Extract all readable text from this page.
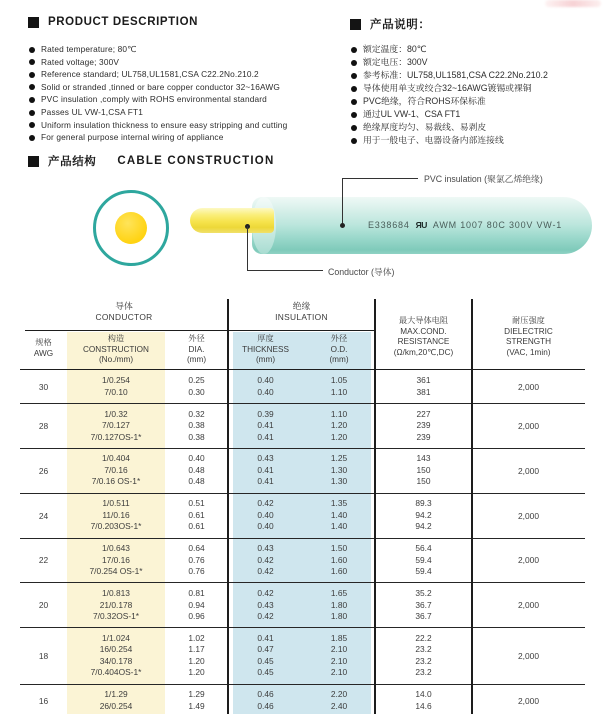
PRODUCT DESCRIPTION
Rated temperature; 80℃
Rated voltage; 300V
Reference standard; UL758,UL1581,CSA C22.2No.210.2
Solid or stranded ,tinned or bare copper conductor 32~16AWG
PVC insulation ,comply with ROHS environmental standard
Passes UL VW-1,CSA FT1
Uniform insulation thickness to ensure easy stripping and cutting
For general purpose internal wiring of appliance
产品说明：
额定温度：80℃
额定电压：300V
参考标准：UL758,UL1581,CSA C22.2No.210.2
导体使用单支或绞合32~16AWG镀锡或裸铜
PVC绝缘，符合ROHS环保标准
通过UL VW-1、CSA FT1
绝缘厚度均匀、易裁线、易剥皮
用于一般电子、电器设备内部连接线
产品结构 CABLE CONSTRUCTION
E338684 ЯU AWM 1007 80C 300V VW-1
PVC insulation (聚氯乙烯绝缘)
Conductor (导体)
导体
CONDUCTOR
绝缘
INSULATION
规格
AWG
构造
CONSTRUCTION
(No./mm)
外径
DIA.
(mm)
厚度
THICKNESS
(mm)
外径
O.D.
(mm)
最大导体电阻
MAX.COND.
RESISTANCE
(Ω/km,20℃,DC)
耐压强度
DIELECTRIC
STRENGTH
(VAC, 1min)
30
1/0.254
7/0.10
0.25
0.30
0.40
0.40
1.05
1.10
361
381	2,000
28
1/0.32
7/0.127
7/0.127OS-1*
0.32
0.38
0.38
0.39
0.41
0.41
1.10
1.20
1.20
227
239
239
2,000
26
1/0.404
7/0.16
7/0.16 OS-1*
0.40
0.48
0.48
0.43
0.41
0.41
1.25
1.30
1.30
143
150
150
2,000
24
1/0.511
11/0.16
7/0.203OS-1*
0.51
0.61
0.61
0.42
0.40
0.40
1.35
1.40
1.40
89.3
94.2
94.2
2,000
22
1/0.643
17/0.16
7/0.254 OS-1*
0.64
0.76
0.76
0.43
0.42
0.42
1.50
1.60
1.60
56.4
59.4
59.4
2,000
20
1/0.813
21/0.178
7/0.32OS-1*
0.81
0.94
0.96
0.42
0.43
0.42
1.65
1.80
1.80
35.2
36.7
36.7
2,000
18
1/1.024
16/0.254
34/0.178
7/0.404OS-1*
1.02
1.17
1.20
1.20
0.41
0.47
0.45
0.45
1.85
2.10
2.10
2.10
22.2
23.2
23.2
23.2
2,000
16
1/1.29
26/0.254
1.29
1.49
0.46
0.46
2.20
2.40
14.0
14.6	2,000
